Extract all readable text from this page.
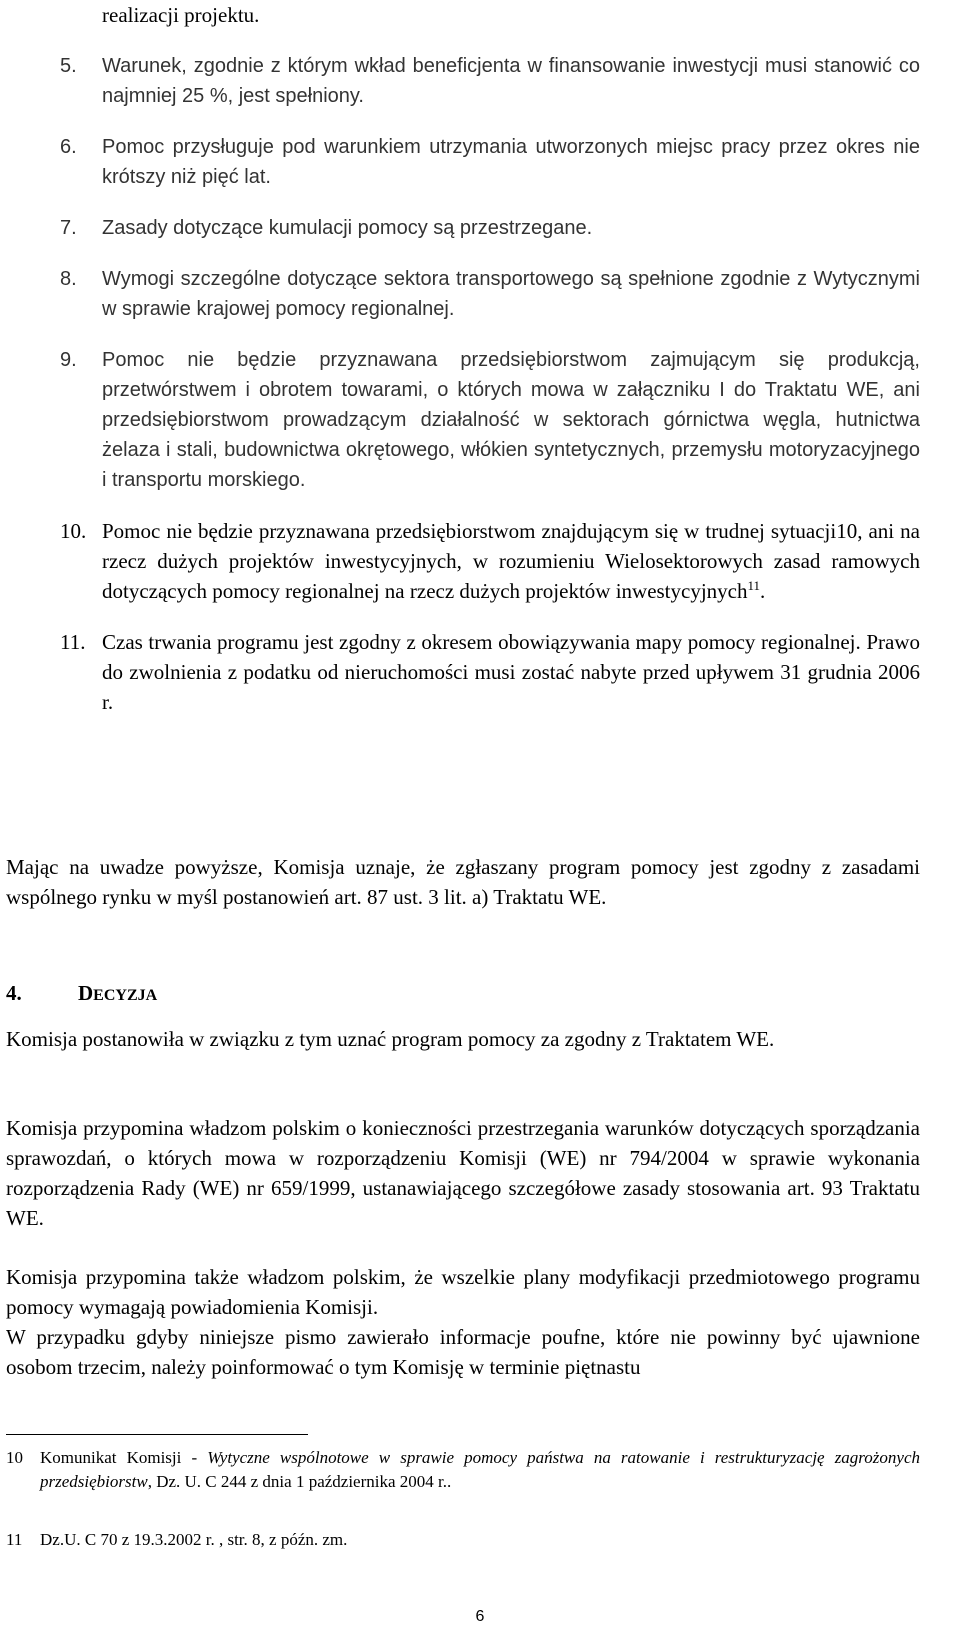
realizacji projektu.
5.	Warunek, zgodnie z którym wkład beneficjenta w finansowanie inwestycji musi stanowić co najmniej 25 %, jest spełniony.
6.	Pomoc przysługuje pod warunkiem utrzymania utworzonych miejsc pracy przez okres nie krótszy niż pięć lat.
7.	Zasady dotyczące kumulacji pomocy są przestrzegane.
8.	Wymogi szczególne dotyczące sektora transportowego są spełnione zgodnie z Wytycznymi w sprawie krajowej pomocy regionalnej.
9.	Pomoc nie będzie przyznawana przedsiębiorstwom zajmującym się produkcją, przetwórstwem i obrotem towarami, o których mowa w załączniku I do Traktatu WE, ani przedsiębiorstwom prowadzącym działalność w sektorach górnictwa węgla, hutnictwa żelaza i stali, budownictwa okrętowego, włókien syntetycznych, przemysłu motoryzacyjnego i transportu morskiego.
10. Pomoc nie będzie przyznawana przedsiębiorstwom znajdującym się w trudnej sytuacji10, ani na rzecz dużych projektów inwestycyjnych, w rozumieniu Wielosektorowych zasad ramowych dotyczących pomocy regionalnej na rzecz dużych projektów inwestycyjnych$^{11}$.
11. Czas trwania programu jest zgodny z okresem obowiązywania mapy pomocy regionalnej. Prawo do zwolnienia z podatku od nieruchomości musi zostać nabyte przed upływem 31 grudnia 2006 r.

Mając na uwadze powyższe, Komisja uznaje, że zgłaszany program pomocy jest zgodny z zasadami wspólnego rynku w myśl postanowień art. 87 ust. 3 lit. a) Traktatu WE.

4.	DECYZJA

Komisja postanowiła w związku z tym uznać program pomocy za zgodny z Traktatem WE.

Komisja przypomina władzom polskim o konieczności przestrzegania warunków dotyczących sporządzania sprawozdań, o których mowa w rozporządzeniu Komisji (WE) nr 794/2004 w sprawie wykonania rozporządzenia Rady (WE) nr 659/1999, ustanawiającego szczegółowe zasady stosowania art. 93 Traktatu WE.

Komisja przypomina także władzom polskim, że wszelkie plany modyfikacji przedmiotowego programu pomocy wymagają powiadomienia Komisji.

W przypadku gdyby niniejsze pismo zawierało informacje poufne, które nie powinny być ujawnione osobom trzecim, należy poinformować o tym Komisję w terminie piętnastu

10 Komunikat Komisji - Wytyczne wspólnotowe w sprawie pomocy państwa na ratowanie i restrukturyzację zagrożonych przedsiębiorstw, Dz. U. C 244 z dnia 1 października 2004 r..
11 Dz.U. C 70 z 19.3.2002 r. , str. 8, z późn. zm.
6
